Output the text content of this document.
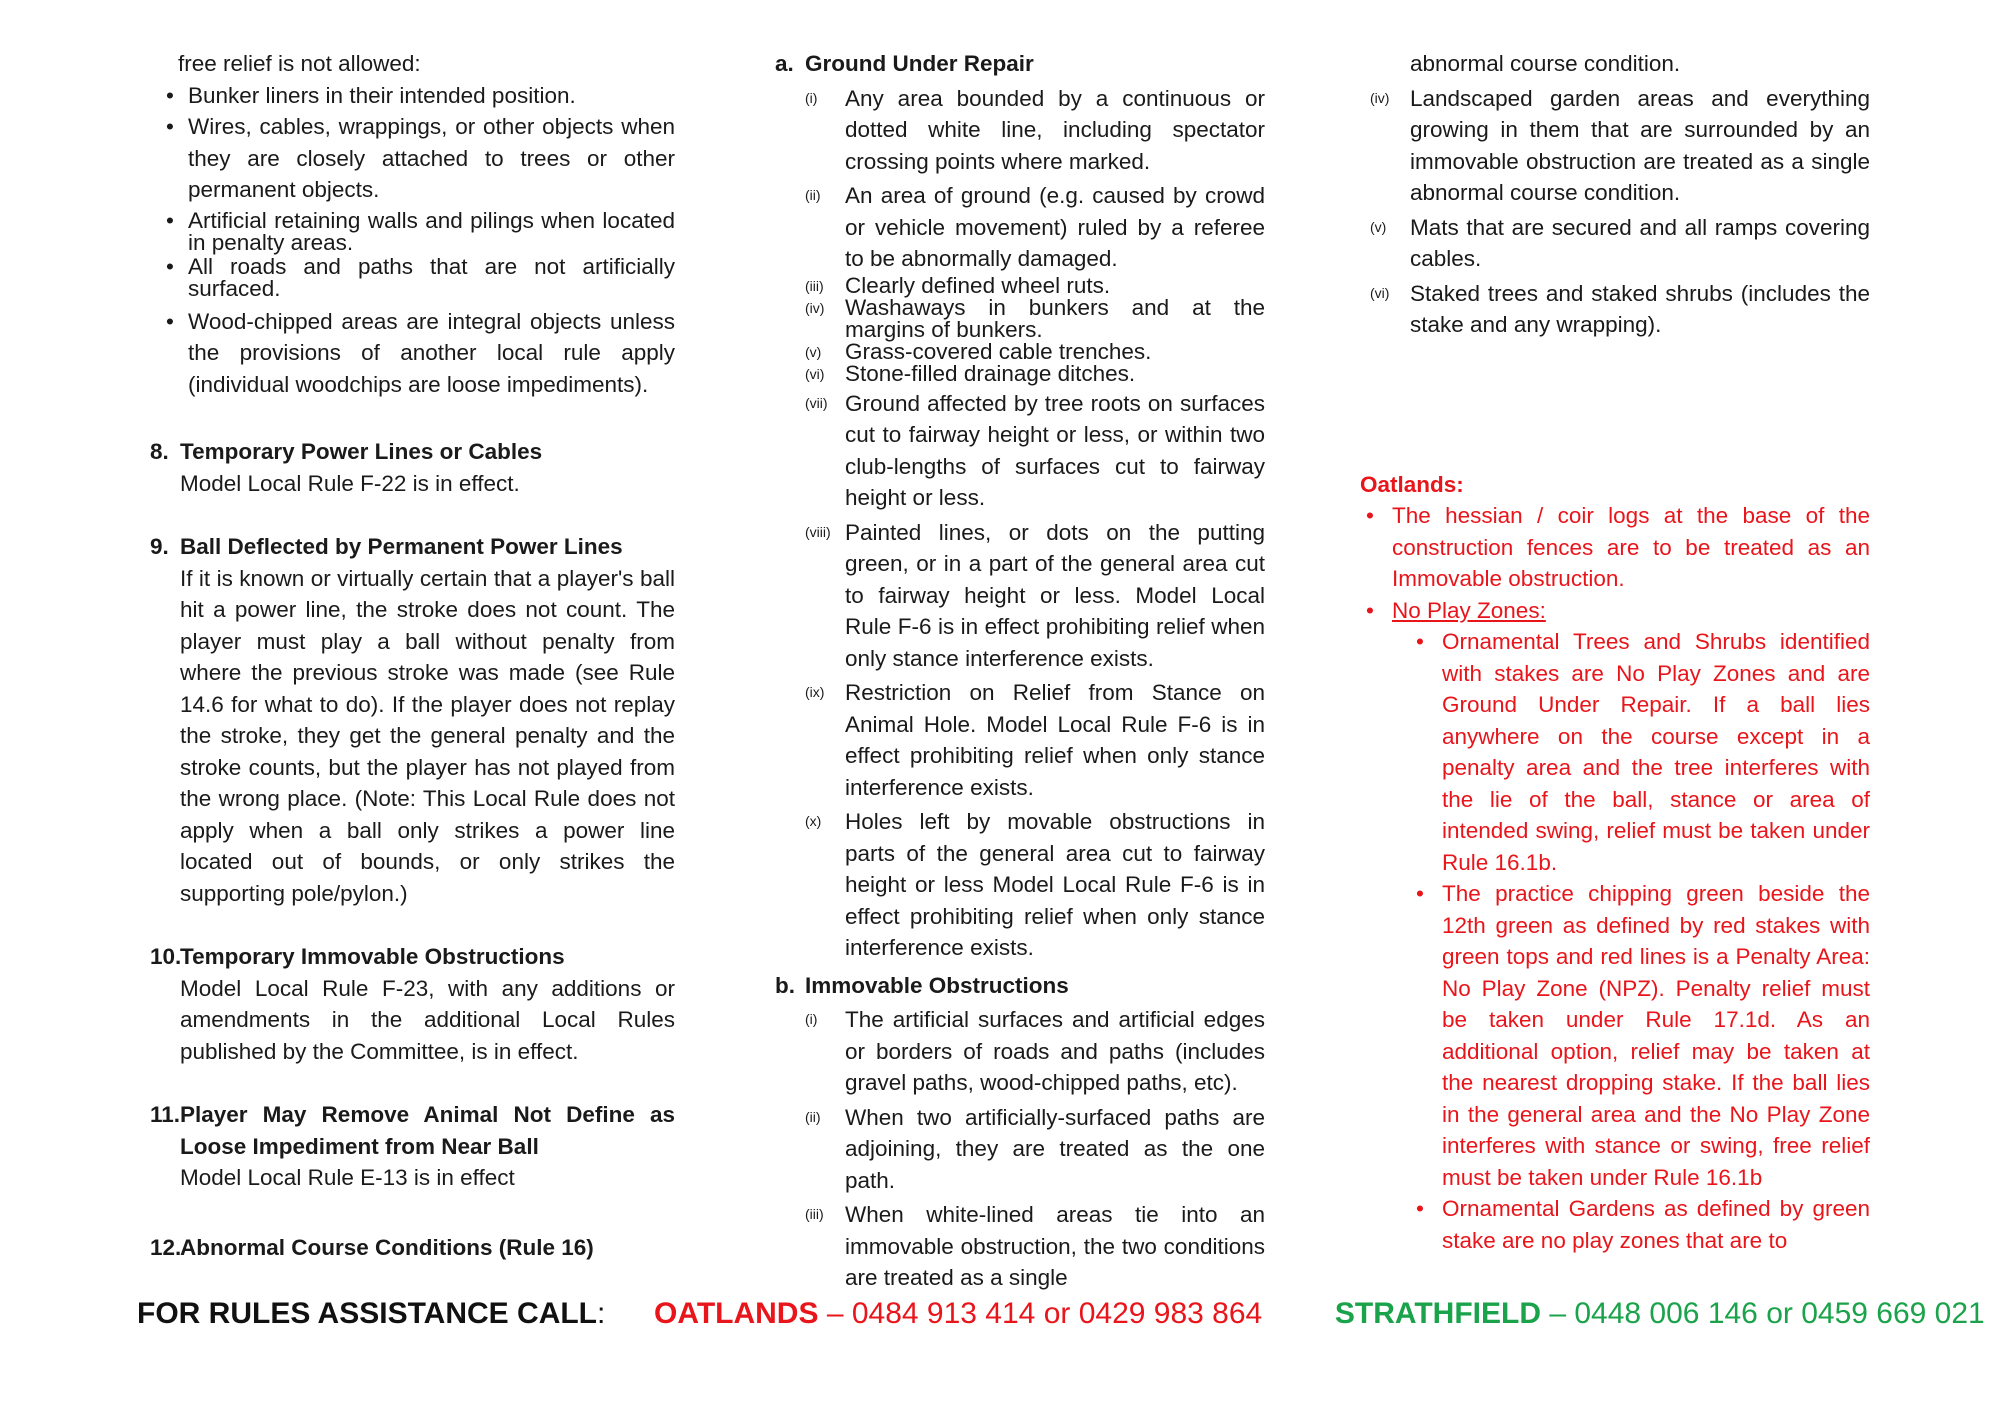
free relief is not allowed:

• Bunker liners in their intended position.
• Wires, cables, wrappings, or other objects when they are closely attached to trees or other permanent objects.
• Artificial retaining walls and pilings when located in penalty areas.
• All roads and paths that are not artificially surfaced.
• Wood-chipped areas are integral objects unless the provisions of another local rule apply (individual woodchips are loose impediments).
8. Temporary Power Lines or Cables
Model Local Rule F-22 is in effect.
9. Ball Deflected by Permanent Power Lines
If it is known or virtually certain that a player's ball hit a power line, the stroke does not count. The player must play a ball without penalty from where the previous stroke was made (see Rule 14.6 for what to do). If the player does not replay the stroke, they get the general penalty and the stroke counts, but the player has not played from the wrong place. (Note: This Local Rule does not apply when a ball only strikes a power line located out of bounds, or only strikes the supporting pole/pylon.)
10.
Temporary Immovable Obstructions
Model Local Rule F-23, with any additions or amendments in the additional Local Rules published by the Committee, is in effect.
11. Player May Remove Animal Not Define as Loose Impediment from Near Ball
Model Local Rule E-13 is in effect
12.
Abnormal Course Conditions (Rule 16)
a. Ground Under Repair
(i) Any area bounded by a continuous or dotted white line, including spectator crossing points where marked.
(ii) An area of ground (e.g. caused by crowd or vehicle movement) ruled by a referee to be abnormally damaged.
(iii) Clearly defined wheel ruts.
(iv) Washaways in bunkers and at the margins of bunkers.
(v) Grass-covered cable trenches.
(vi) Stone-filled drainage ditches.
(vii) Ground affected by tree roots on surfaces cut to fairway height or less, or within two club-lengths of surfaces cut to fairway height or less.
(viii) Painted lines, or dots on the putting green, or in a part of the general area cut to fairway height or less. Model Local Rule F-6 is in effect prohibiting relief when only stance interference exists.
(ix) Restriction on Relief from Stance on Animal Hole. Model Local Rule F-6 is in effect prohibiting relief when only stance interference exists.
(x) Holes left by movable obstructions in parts of the general area cut to fairway height or less Model Local Rule F-6 is in effect prohibiting relief when only stance interference exists.
b. Immovable Obstructions
(i) The artificial surfaces and artificial edges or borders of roads and paths (includes gravel paths, wood-chipped paths, etc).
(ii) When two artificially-surfaced paths are adjoining, they are treated as the one path.
(iii) When white-lined areas tie into an immovable obstruction, the two conditions are treated as a single

abnormal course condition.

(iv) Landscaped garden areas and everything growing in them that are surrounded by an immovable obstruction are treated as a single abnormal course condition.
(v) Mats that are secured and all ramps covering cables.
(vi) Staked trees and staked shrubs (includes the stake and any wrapping).
Oatlands:
• The hessian / coir logs at the base of the construction fences are to be treated as an Immovable obstruction.
• No Play Zones:
• Ornamental Trees and Shrubs identified with stakes are No Play Zones and are Ground Under Repair. If a ball lies anywhere on the course except in a penalty area and the tree interferes with the lie of the ball, stance or area of intended swing, relief must be taken under Rule 16.1b.
• The practice chipping green beside the 12th green as defined by red stakes with green tops and red lines is a Penalty Area: No Play Zone (NPZ). Penalty relief must be taken under Rule 17.1d. As an additional option, relief may be taken at the nearest dropping stake. If the ball lies in the general area and the No Play Zone interferes with stance or swing, free relief must be taken under Rule 16.1b
• Ornamental Gardens as defined by green stake are no play zones that are to
FOR RULES ASSISTANCE CALL: OATLANDS – 0484 913 414 or 0429 983 864 STRATHFIELD – 0448 006 146 or 0459 669 021
